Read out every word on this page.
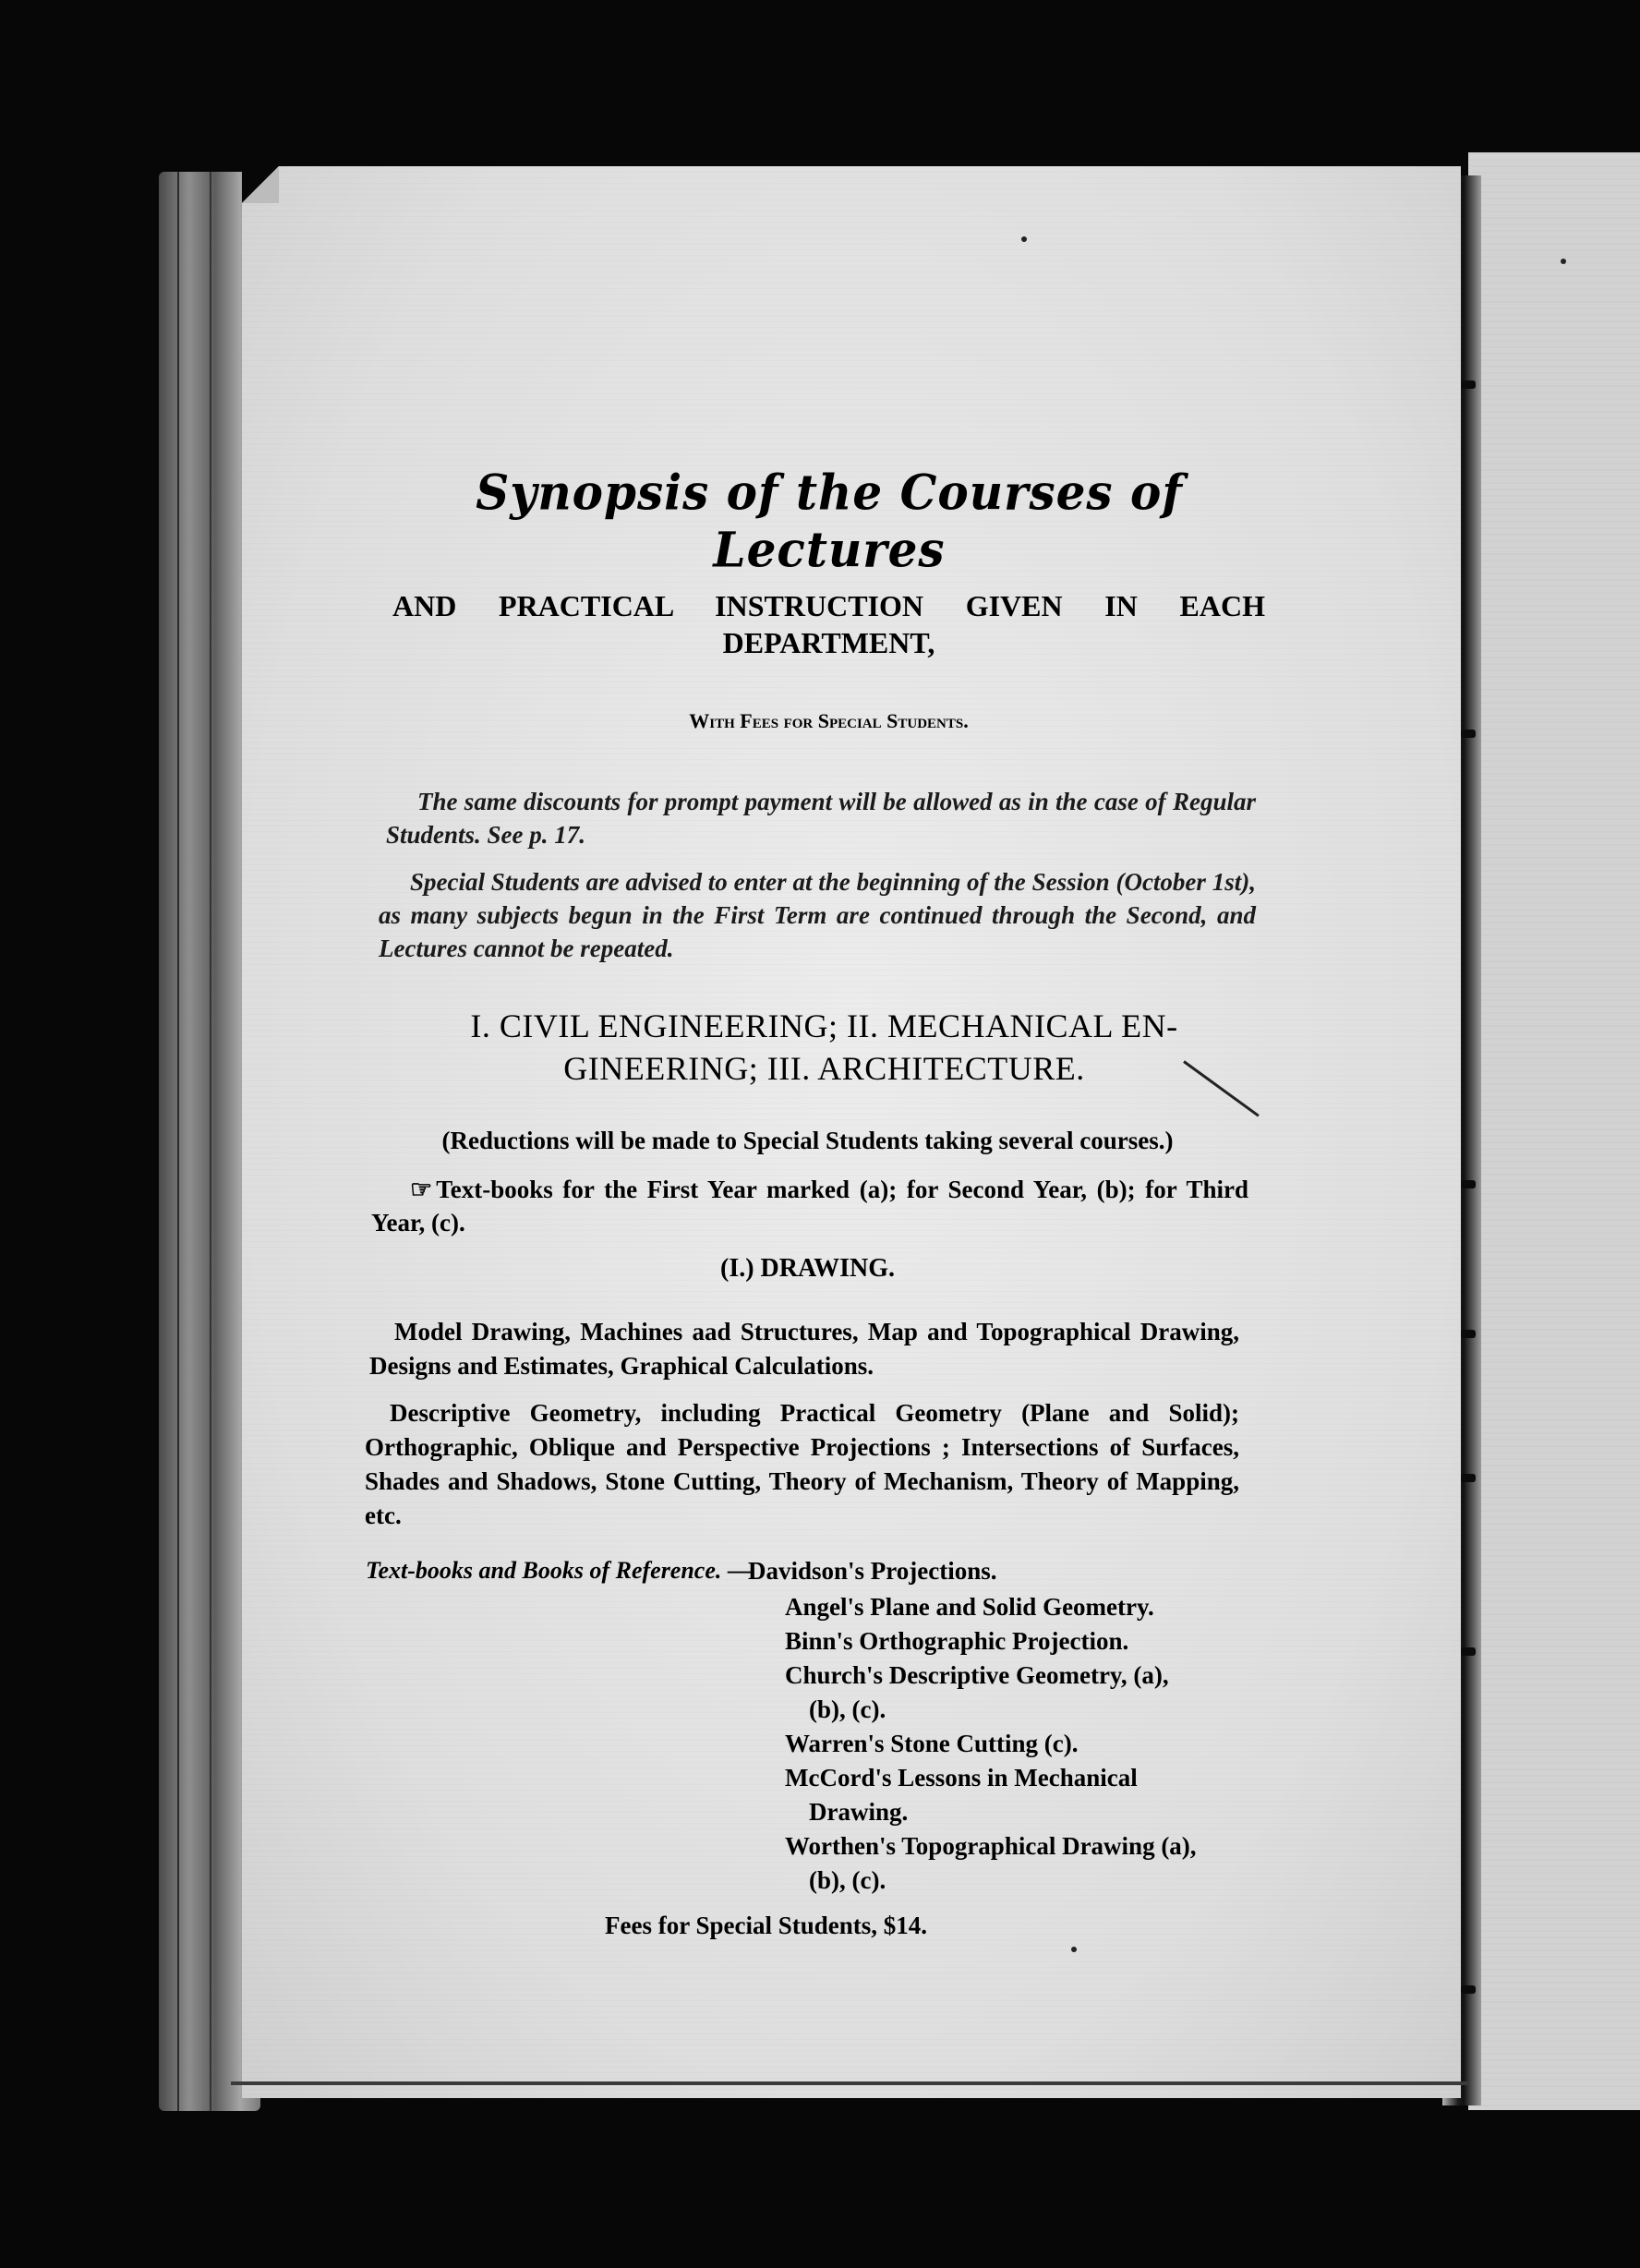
Synopsis of the Courses of Lectures
AND PRACTICAL INSTRUCTION GIVEN IN EACH
DEPARTMENT,
With Fees for Special Students.
The same discounts for prompt payment will be allowed as in the case of Regular Students. See p. 17.
Special Students are advised to enter at the beginning of the Session (October 1st), as many subjects begun in the First Term are continued through the Second, and Lectures cannot be repeated.
I. CIVIL ENGINEERING; II. MECHANICAL EN-
GINEERING; III. ARCHITECTURE.
(Reductions will be made to Special Students taking several courses.)
☞ Text-books for the First Year marked (a); for Second Year, (b); for Third Year, (c).
(I.) DRAWING.
Model Drawing, Machines aad Structures, Map and Topographical Drawing, Designs and Estimates, Graphical Calculations.
Descriptive Geometry, including Practical Geometry (Plane and Solid); Orthographic, Oblique and Perspective Projections ; Intersections of Surfaces, Shades and Shadows, Stone Cutting, Theory of Mechanism, Theory of Mapping, etc.
Text-books and Books of Reference. —
Davidson's Projections.
Angel's Plane and Solid Geometry.
Binn's Orthographic Projection.
Church's Descriptive Geometry, (a),
(b), (c).
Warren's Stone Cutting (c).
McCord's Lessons in Mechanical
Drawing.
Worthen's Topographical Drawing (a),
(b), (c).
Fees for Special Students, $14.
